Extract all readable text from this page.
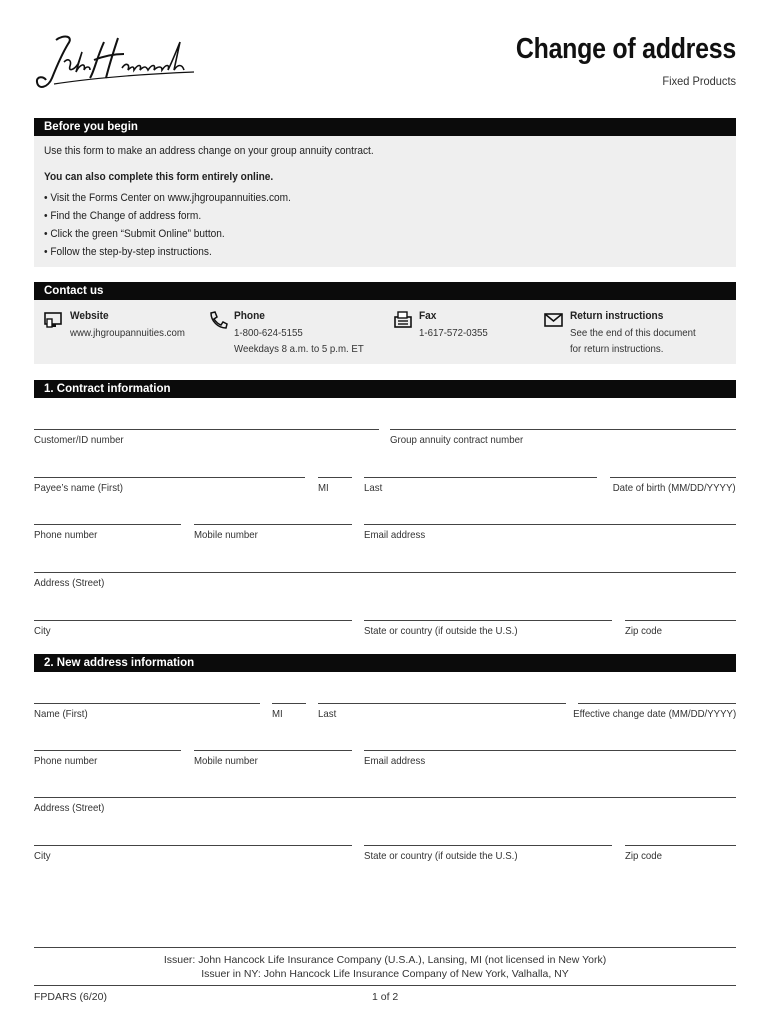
Change of address
Fixed Products
Before you begin
Use this form to make an address change on your group annuity contract.
You can also complete this form entirely online.
• Visit the Forms Center on www.jhgroupannuities.com.
• Find the Change of address form.
• Click the green “Submit Online” button.
• Follow the step-by-step instructions.
Contact us
Website
www.jhgroupannuities.com
Phone
1-800-624-5155
Weekdays 8 a.m. to 5 p.m. ET
Fax
1-617-572-0355
Return instructions
See the end of this document
for return instructions.
1. Contract information
Customer/ID number	Group annuity contract number
Payee’s name (First)	MI	Last	Date of birth (MM/DD/YYYY)
Phone number	Mobile number	Email address
Address (Street)
City	State or country (if outside the U.S.)	Zip code
2. New address information
Name (First)	MI	Last	Effective change date (MM/DD/YYYY)
Phone number	Mobile number	Email address
Address (Street)
City	State or country (if outside the U.S.)	Zip code
Issuer: John Hancock Life Insurance Company (U.S.A.), Lansing, MI (not licensed in New York)
Issuer in NY: John Hancock Life Insurance Company of New York, Valhalla, NY
FPDARS (6/20)	1 of 2
